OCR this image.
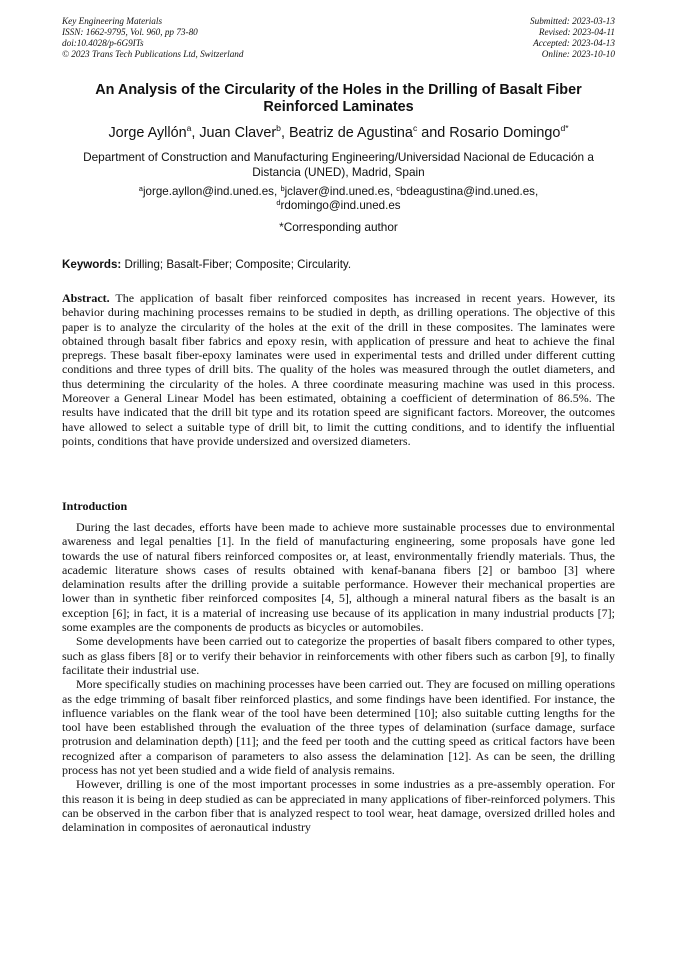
Key Engineering Materials
ISSN: 1662-9795, Vol. 960, pp 73-80
doi:10.4028/p-6G9ITs
© 2023 Trans Tech Publications Ltd, Switzerland
Submitted: 2023-03-13
Revised: 2023-04-11
Accepted: 2023-04-13
Online: 2023-10-10
An Analysis of the Circularity of the Holes in the Drilling of Basalt Fiber Reinforced Laminates
Jorge Ayllón$^a$, Juan Claver$^b$, Beatriz de Agustina$^c$ and Rosario Domingo$^{d*}$
Department of Construction and Manufacturing Engineering/Universidad Nacional de Educación a Distancia (UNED), Madrid, Spain
$^a$jorge.ayllon@ind.uned.es, $^b$jclaver@ind.uned.es, $^c$bdeagustina@ind.uned.es,
$^d$rdomingo@ind.uned.es
*Corresponding author
Keywords: Drilling; Basalt-Fiber; Composite; Circularity.

Abstract. The application of basalt fiber reinforced composites has increased in recent years. However, its behavior during machining processes remains to be studied in depth, as drilling operations. The objective of this paper is to analyze the circularity of the holes at the exit of the drill in these composites. The laminates were obtained through basalt fiber fabrics and epoxy resin, with application of pressure and heat to achieve the final prepregs. These basalt fiber-epoxy laminates were used in experimental tests and drilled under different cutting conditions and three types of drill bits. The quality of the holes was measured through the outlet diameters, and thus determining the circularity of the holes. A three coordinate measuring machine was used in this process. Moreover a General Linear Model has been estimated, obtaining a coefficient of determination of 86.5%. The results have indicated that the drill bit type and its rotation speed are significant factors. Moreover, the outcomes have allowed to select a suitable type of drill bit, to limit the cutting conditions, and to identify the influential points, conditions that have provide undersized and oversized diameters.

Introduction

During the last decades, efforts have been made to achieve more sustainable processes due to environmental awareness and legal penalties [1]. In the field of manufacturing engineering, some proposals have gone led towards the use of natural fibers reinforced composites or, at least, environmentally friendly materials. Thus, the academic literature shows cases of results obtained with kenaf-banana fibers [2] or bamboo [3] where delamination results after the drilling provide a suitable performance. However their mechanical properties are lower than in synthetic fiber reinforced composites [4, 5], although a mineral natural fibers as the basalt is an exception [6]; in fact, it is a material of increasing use because of its application in many industrial products [7]; some examples are the components de products as bicycles or automobiles.

Some developments have been carried out to categorize the properties of basalt fibers compared to other types, such as glass fibers [8] or to verify their behavior in reinforcements with other fibers such as carbon [9], to finally facilitate their industrial use.

More specifically studies on machining processes have been carried out. They are focused on milling operations as the edge trimming of basalt fiber reinforced plastics, and some findings have been identified. For instance, the influence variables on the flank wear of the tool have been determined [10]; also suitable cutting lengths for the tool have been established through the evaluation of the three types of delamination (surface damage, surface protrusion and delamination depth) [11]; and the feed per tooth and the cutting speed as critical factors have been recognized after a comparison of parameters to also assess the delamination [12]. As can be seen, the drilling process has not yet been studied and a wide field of analysis remains.

However, drilling is one of the most important processes in some industries as a pre-assembly operation. For this reason it is being in deep studied as can be appreciated in many applications of fiber-reinforced polymers. This can be observed in the carbon fiber that is analyzed respect to tool wear, heat damage, oversized drilled holes and delamination in composites of aeronautical industry
